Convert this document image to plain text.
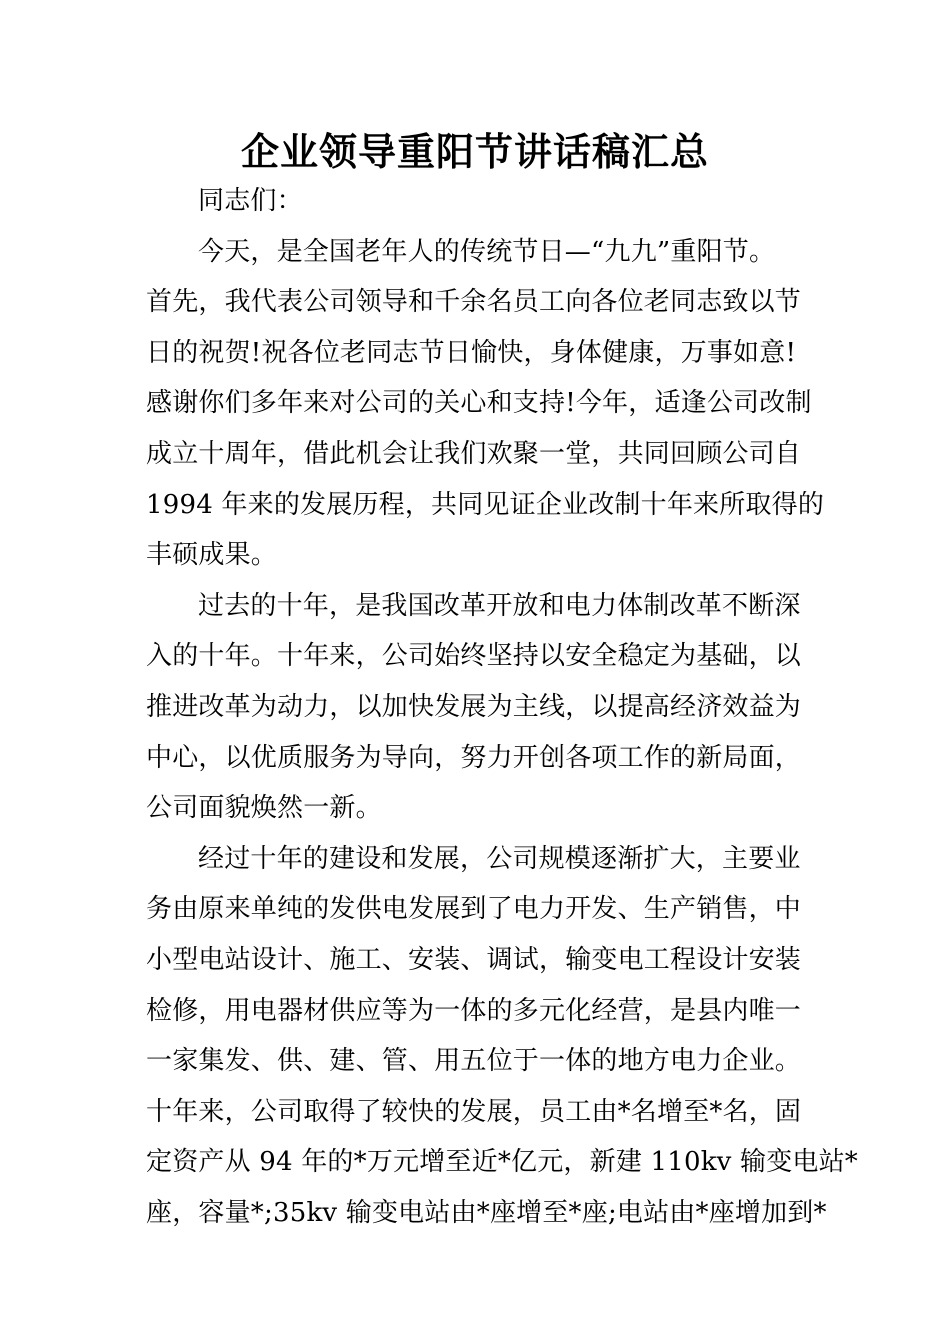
企业领导重阳节讲话稿汇总
同志们：
今天，是全国老年人的传统节日—“九九”重阳节。
首先，我代表公司领导和千余名员工向各位老同志致以节
日的祝贺!祝各位老同志节日愉快，身体健康，万事如意!
感谢你们多年来对公司的关心和支持!今年，适逢公司改制
成立十周年，借此机会让我们欢聚一堂，共同回顾公司自
1994 年来的发展历程，共同见证企业改制十年来所取得的
丰硕成果。
过去的十年，是我国改革开放和电力体制改革不断深
入的十年。十年来，公司始终坚持以安全稳定为基础，以
推进改革为动力，以加快发展为主线，以提高经济效益为
中心，以优质服务为导向，努力开创各项工作的新局面，
公司面貌焕然一新。
经过十年的建设和发展，公司规模逐渐扩大，主要业
务由原来单纯的发供电发展到了电力开发、生产销售，中
小型电站设计、施工、安装、调试，输变电工程设计安装
检修，用电器材供应等为一体的多元化经营，是县内唯一
一家集发、供、建、管、用五位于一体的地方电力企业。
十年来，公司取得了较快的发展，员工由*名增至*名，固
定资产从 94 年的*万元增至近*亿元，新建 110kv 输变电站*
座，容量*;35kv 输变电站由*座增至*座;电站由*座增加到*
